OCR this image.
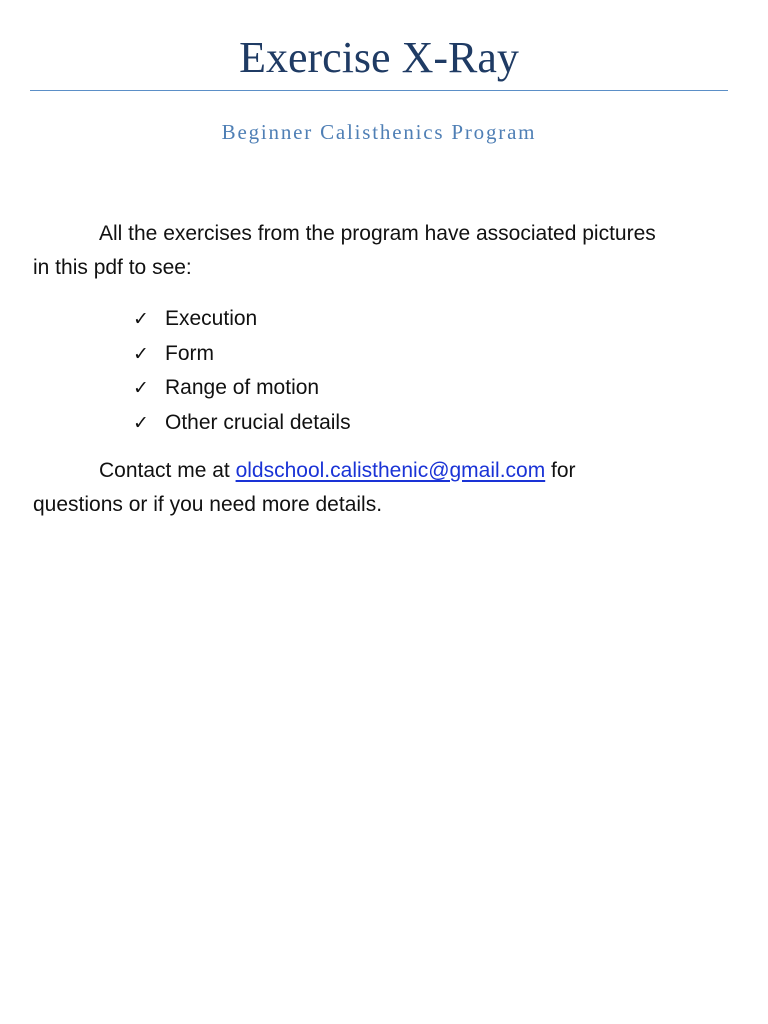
Exercise X-Ray
Beginner Calisthenics Program
All the exercises from the program have associated pictures
in this pdf to see:
✓ Execution
✓ Form
✓ Range of motion
✓ Other crucial details
Contact me at oldschool.calisthenic@gmail.com for
questions or if you need more details.
